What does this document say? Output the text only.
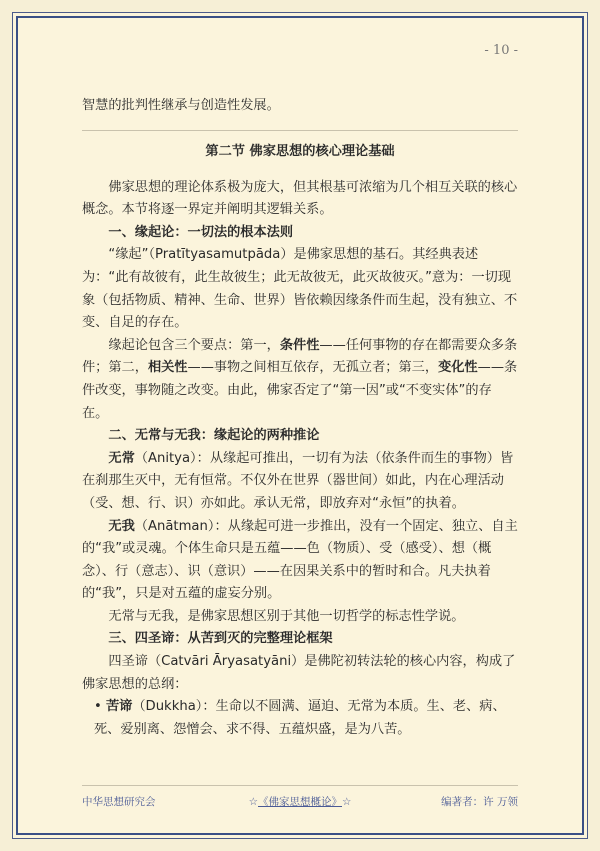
- 10 -

智慧的批判性继承与创造性发展。

第二节 佛家思想的核心理论基础

佛家思想的理论体系极为庞大，但其根基可浓缩为几个相互关联的核心概念。本节将逐一界定并阐明其逻辑关系。

一、缘起论：一切法的根本法则

“缘起”（Pratītyasamutpāda）是佛家思想的基石。其经典表述为：“此有故彼有，此生故彼生；此无故彼无，此灭故彼灭。”意为：一切现象（包括物质、精神、生命、世界）皆依赖因缘条件而生起，没有独立、不变、自足的存在。

缘起论包含三个要点：第一，条件性——任何事物的存在都需要众多条件；第二，相关性——事物之间相互依存，无孤立者；第三，变化性——条件改变，事物随之改变。由此，佛家否定了“第一因”或“不变实体”的存在。

二、无常与无我：缘起论的两种推论

无常（Anitya）：从缘起可推出，一切有为法（依条件而生的事物）皆在刹那生灭中，无有恒常。不仅外在世界（器世间）如此，内在心理活动（受、想、行、识）亦如此。承认无常，即放弃对“永恒”的执着。

无我（Anātman）：从缘起可进一步推出，没有一个固定、独立、自主的“我”或灵魂。个体生命只是五蕴——色（物质）、受（感受）、想（概念）、行（意志）、识（意识）——在因果关系中的暂时和合。凡夫执着的“我”，只是对五蕴的虚妄分别。

无常与无我，是佛家思想区别于其他一切哲学的标志性学说。

三、四圣谛：从苦到灭的完整理论框架

四圣谛（Catvāri Āryasatyāni）是佛陀初转法轮的核心内容，构成了佛家思想的总纲：

• 苦谛（Dukkha）：生命以不圆满、逼迫、无常为本质。生、老、病、死、爱别离、怨憎会、求不得、五蕴炽盛，是为八苦。

中华思想研究会	☆《佛家思想概论》☆	编著者：许 万领
